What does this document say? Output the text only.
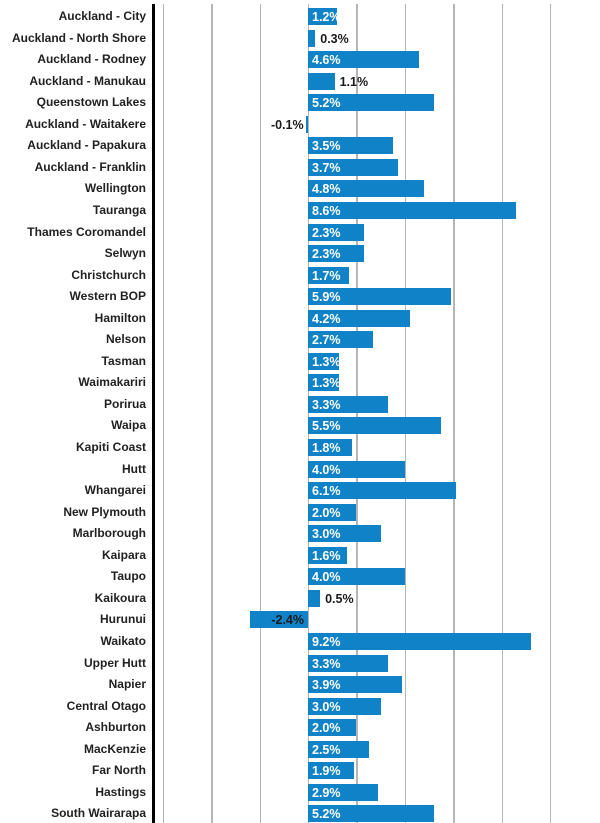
Auckland - City	1.2%
Auckland - North Shore	0.3%
Auckland - Rodney	4.6%
Auckland - Manukau	1.1%
Queenstown Lakes	5.2%
Auckland - Waitakere	-0.1%
Auckland - Papakura	3.5%
Auckland - Franklin	3.7%
Wellington	4.8%
Tauranga	8.6%
Thames Coromandel	2.3%
Selwyn	2.3%
Christchurch	1.7%
Western BOP	5.9%
Hamilton	4.2%
Nelson	2.7%
Tasman	1.3%
Waimakariri	1.3%
Porirua	3.3%
Waipa	5.5%
Kapiti Coast	1.8%
Hutt	4.0%
Whangarei	6.1%
New Plymouth	2.0%
Marlborough	3.0%
Kaipara	1.6%
Taupo	4.0%
Kaikoura	0.5%
Hurunui	-2.4%
Waikato	9.2%
Upper Hutt	3.3%
Napier	3.9%
Central Otago	3.0%
Ashburton	2.0%
MacKenzie	2.5%
Far North	1.9%
Hastings	2.9%
South Wairarapa	5.2%
